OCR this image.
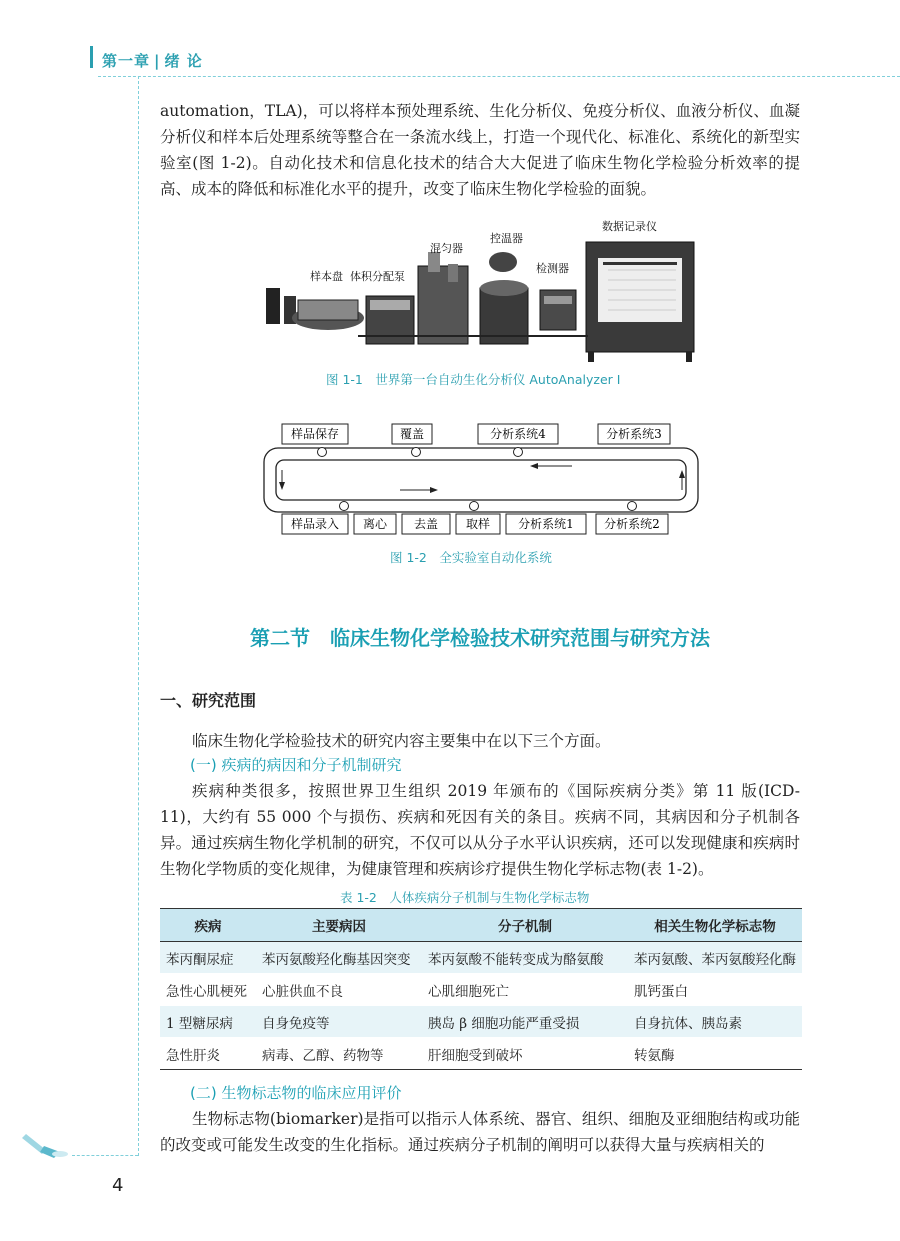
第一章 | 绪 论
automation，TLA)，可以将样本预处理系统、生化分析仪、免疫分析仪、血液分析仪、血凝分析仪和样本后处理系统等整合在一条流水线上，打造一个现代化、标准化、系统化的新型实验室(图 1-2)。自动化技术和信息化技术的结合大大促进了临床生物化学检验分析效率的提高、成本的降低和标准化水平的提升，改变了临床生物化学检验的面貌。
样本盘 体积分配泵
混匀器
控温器
检测器
数据记录仪
图 1-1　世界第一台自动生化分析仪 AutoAnalyzer Ⅰ
样品保存	覆盖	分析系统4	分析系统3
样品录入 离心 去盖 取样 分析系统1	分析系统2
图 1-2　全实验室自动化系统
第二节　临床生物化学检验技术研究范围与研究方法
一、研究范围
临床生物化学检验技术的研究内容主要集中在以下三个方面。
(一) 疾病的病因和分子机制研究
疾病种类很多，按照世界卫生组织 2019 年颁布的《国际疾病分类》第 11 版(ICD-11)，大约有 55 000 个与损伤、疾病和死因有关的条目。疾病不同，其病因和分子机制各异。通过疾病生物化学机制的研究，不仅可以从分子水平认识疾病，还可以发现健康和疾病时生物化学物质的变化规律，为健康管理和疾病诊疗提供生物化学标志物(表 1-2)。
表 1-2　人体疾病分子机制与生物化学标志物
疾病	主要病因	分子机制	相关生物化学标志物
苯丙酮尿症	苯丙氨酸羟化酶基因突变	苯丙氨酸不能转变成为酪氨酸	苯丙氨酸、苯丙氨酸羟化酶
急性心肌梗死	心脏供血不良	心肌细胞死亡	肌钙蛋白
1 型糖尿病	自身免疫等	胰岛 β 细胞功能严重受损	自身抗体、胰岛素
急性肝炎	病毒、乙醇、药物等	肝细胞受到破坏	转氨酶
(二) 生物标志物的临床应用评价
生物标志物(biomarker)是指可以指示人体系统、器官、组织、细胞及亚细胞结构或功能的改变或可能发生改变的生化指标。通过疾病分子机制的阐明可以获得大量与疾病相关的
4
